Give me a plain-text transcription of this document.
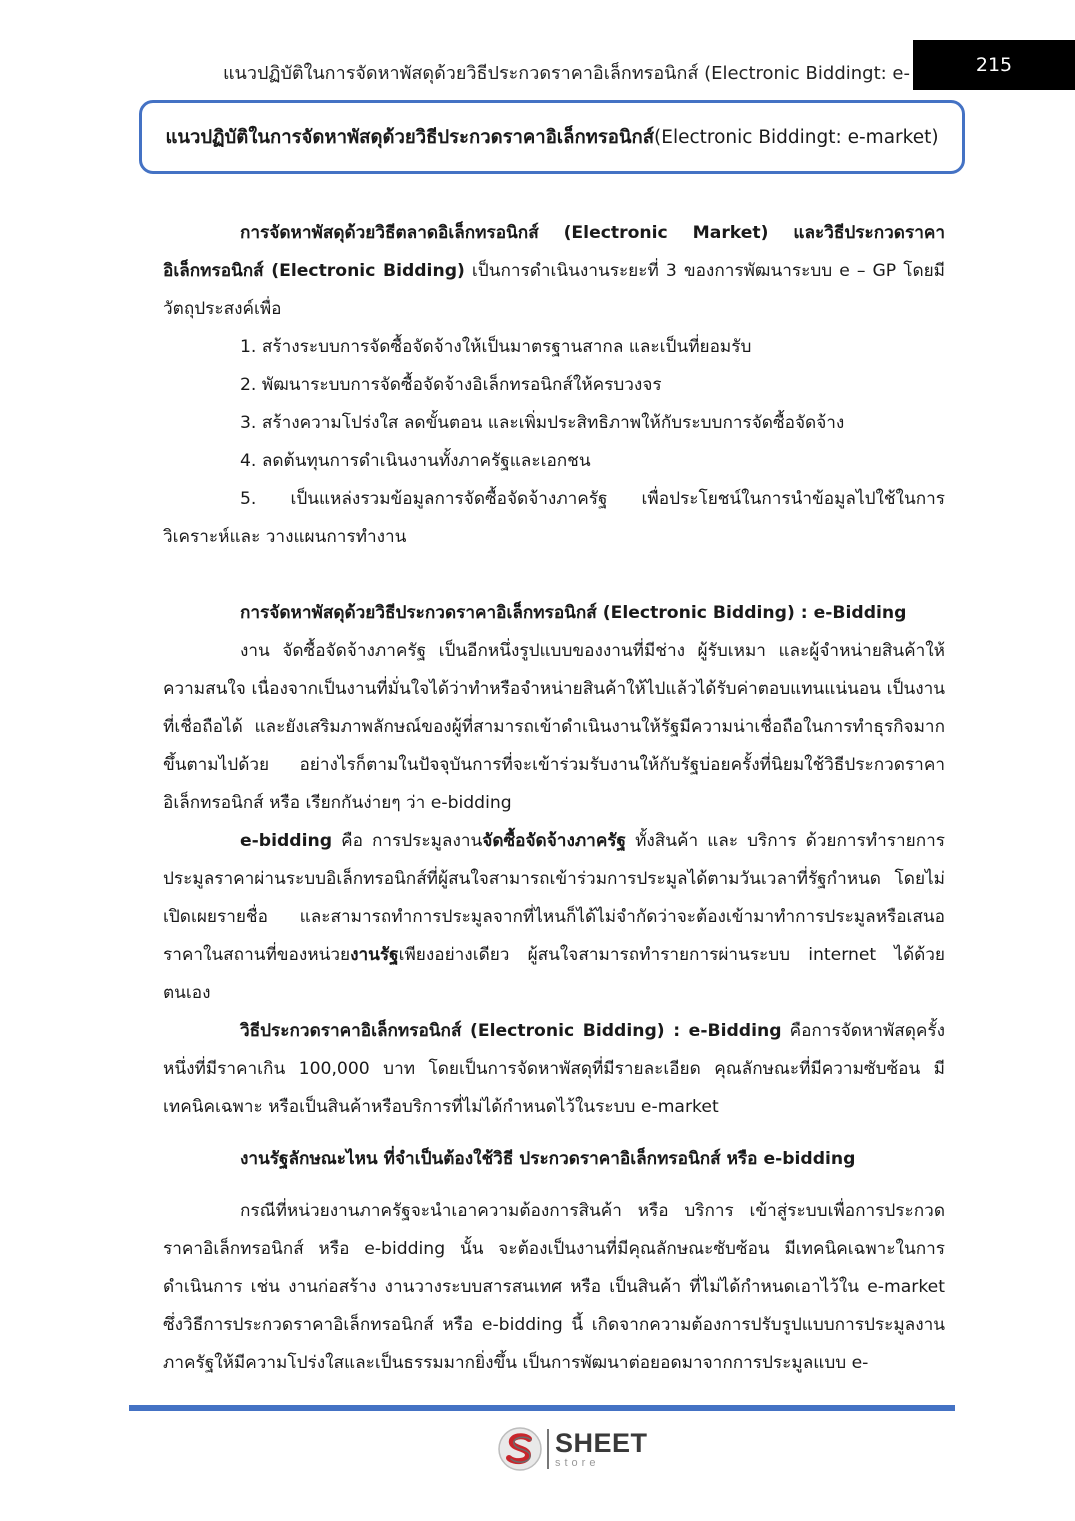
แนวปฏิบัติในการจัดหาพัสดุด้วยวิธีประกวดราคาอิเล็กทรอนิกส์ (Electronic Biddingt: e-	215
แนวปฏิบัติในการจัดหาพัสดุด้วยวิธีประกวดราคาอิเล็กทรอนิกส์ (Electronic Biddingt: e-market)

การจัดหาพัสดุด้วยวิธีตลาดอิเล็กทรอนิกส์ (Electronic Market) และวิธีประกวดราคาอิเล็กทรอนิกส์ (Electronic Bidding) เป็นการดำเนินงานระยะที่ 3 ของการพัฒนาระบบ e – GP โดยมีวัตถุประสงค์เพื่อ

1. สร้างระบบการจัดซื้อจัดจ้างให้เป็นมาตรฐานสากล และเป็นที่ยอมรับ

2. พัฒนาระบบการจัดซื้อจัดจ้างอิเล็กทรอนิกส์ให้ครบวงจร

3. สร้างความโปร่งใส ลดขั้นตอน และเพิ่มประสิทธิภาพให้กับระบบการจัดซื้อจัดจ้าง

4. ลดต้นทุนการดำเนินงานทั้งภาครัฐและเอกชน

5. เป็นแหล่งรวมข้อมูลการจัดซื้อจัดจ้างภาครัฐ เพื่อประโยชน์ในการนำข้อมูลไปใช้ในการวิเคราะห์และ วางแผนการทำงาน

การจัดหาพัสดุด้วยวิธีประกวดราคาอิเล็กทรอนิกส์ (Electronic Bidding) : e-Bidding

งาน จัดซื้อจัดจ้างภาครัฐ เป็นอีกหนึ่งรูปแบบของงานที่มีช่าง ผู้รับเหมา และผู้จำหน่ายสินค้าให้ความสนใจ เนื่องจากเป็นงานที่มั่นใจได้ว่าทำหรือจำหน่ายสินค้าให้ไปแล้วได้รับค่าตอบแทนแน่นอน เป็นงานที่เชื่อถือได้ และยังเสริมภาพลักษณ์ของผู้ที่สามารถเข้าดำเนินงานให้รัฐมีความน่าเชื่อถือในการทำธุรกิจมากขึ้นตามไปด้วย อย่างไรก็ตามในปัจจุบันการที่จะเข้าร่วมรับงานให้กับรัฐบ่อยครั้งที่นิยมใช้วิธีประกวดราคาอิเล็กทรอนิกส์ หรือ เรียกกันง่ายๆ ว่า e-bidding

e-bidding คือ การประมูลงานจัดซื้อจัดจ้างภาครัฐ ทั้งสินค้า และ บริการ ด้วยการทำรายการประมูลราคาผ่านระบบอิเล็กทรอนิกส์ที่ผู้สนใจสามารถเข้าร่วมการประมูลได้ตามวันเวลาที่รัฐกำหนด โดยไม่เปิดเผยรายชื่อ และสามารถทำการประมูลจากที่ไหนก็ได้ไม่จำกัดว่าจะต้องเข้ามาทำการประมูลหรือเสนอราคาในสถานที่ของหน่วยงานรัฐเพียงอย่างเดียว ผู้สนใจสามารถทำรายการผ่านระบบ internet ได้ด้วยตนเอง

วิธีประกวดราคาอิเล็กทรอนิกส์ (Electronic Bidding) : e-Bidding คือการจัดหาพัสดุครั้งหนึ่งที่มีราคาเกิน 100,000 บาท โดยเป็นการจัดหาพัสดุที่มีรายละเอียด คุณลักษณะที่มีความซับซ้อน มีเทคนิคเฉพาะ หรือเป็นสินค้าหรือบริการที่ไม่ได้กำหนดไว้ในระบบ e-market

งานรัฐลักษณะไหน ที่จำเป็นต้องใช้วิธี ประกวดราคาอิเล็กทรอนิกส์ หรือ e-bidding

กรณีที่หน่วยงานภาครัฐจะนำเอาความต้องการสินค้า หรือ บริการ เข้าสู่ระบบเพื่อการประกวดราคาอิเล็กทรอนิกส์ หรือ e-bidding นั้น จะต้องเป็นงานที่มีคุณลักษณะซับซ้อน มีเทคนิคเฉพาะในการดำเนินการ เช่น งานก่อสร้าง งานวางระบบสารสนเทศ หรือ เป็นสินค้า ที่ไม่ได้กำหนดเอาไว้ใน e-market ซึ่งวิธีการประกวดราคาอิเล็กทรอนิกส์ หรือ e-bidding นี้ เกิดจากความต้องการปรับรูปแบบการประมูลงานภาครัฐให้มีความโปร่งใสและเป็นธรรมมากยิ่งขึ้น เป็นการพัฒนาต่อยอดมาจากการประมูลแบบ e-

SHEET
store
